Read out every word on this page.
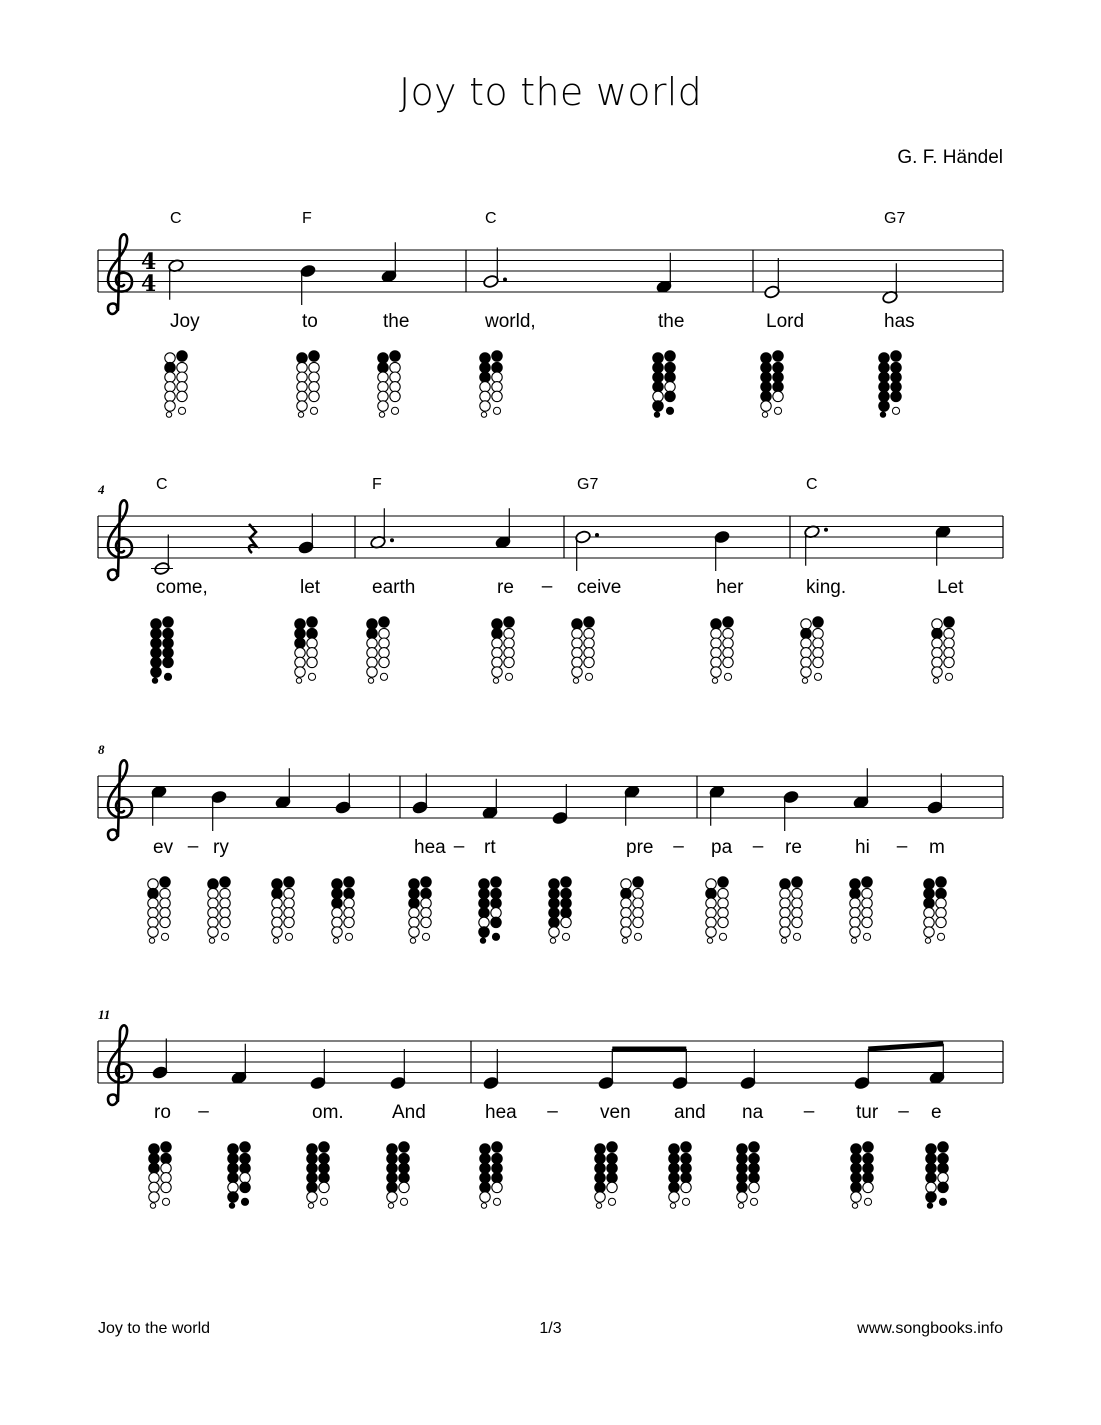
Joy to the world
G. F. Händel
4
4
C	F	C	G7
Joy	to	the	world,	the	Lord	has
4	C	F	G7	C
come,	let	earth	re	ceive	her	king.	Let
–
8
ev ry	hea rt	pre	pa	re	hi	m
–	–	–	–	–
11
ro	om.	And	hea	ven and na	tur	e
–	–	–	–
Joy to the world	1/3	www.songbooks.info
